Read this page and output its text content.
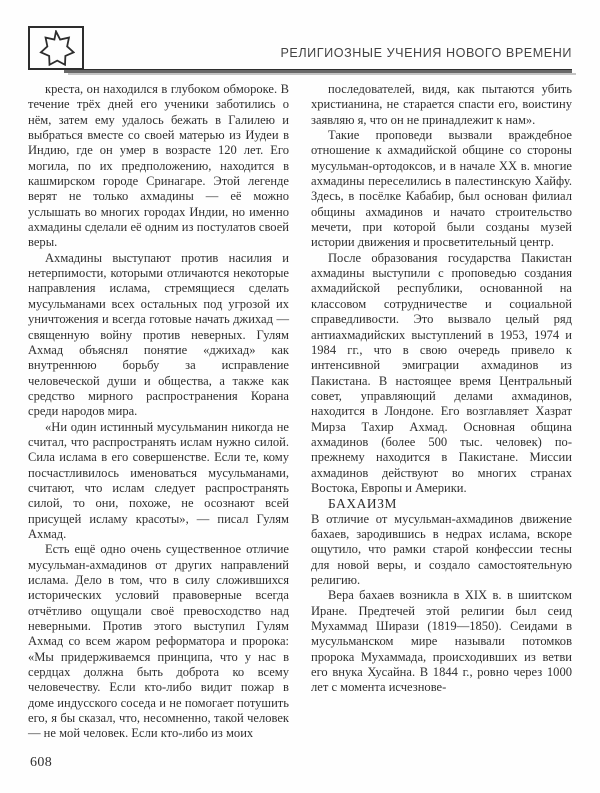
РЕЛИГИОЗНЫЕ УЧЕНИЯ НОВОГО ВРЕМЕНИ

креста, он находился в глубоком обмороке. В течение трёх дней его ученики заботились о нём, затем ему удалось бежать в Галилею и выбраться вместе со своей матерью из Иудеи в Индию, где он умер в возрасте 120 лет. Его могила, по их предположению, находится в кашмирском городе Сринагаре. Этой легенде верят не только ахмадины — её можно услышать во многих городах Индии, но именно ахмадины сделали её одним из постулатов своей веры.

Ахмадины выступают против насилия и нетерпимости, которыми отличаются некоторые направления ислама, стремящиеся сделать мусульманами всех остальных под угрозой их уничтожения и всегда готовые начать джихад — священную войну против неверных. Гулям Ахмад объяснял понятие «джихад» как внутреннюю борьбу за исправление человеческой души и общества, а также как средство мирного распространения Корана среди народов мира.

«Ни один истинный мусульманин никогда не считал, что распространять ислам нужно силой. Сила ислама в его совершенстве. Если те, кому посчастливилось именоваться мусульманами, считают, что ислам следует распространять силой, то они, похоже, не осознают всей присущей исламу красоты», — писал Гулям Ахмад.

Есть ещё одно очень существенное отличие мусульман-ахмадинов от других направлений ислама. Дело в том, что в силу сложившихся исторических условий правоверные всегда отчётливо ощущали своё превосходство над неверными. Против этого выступил Гулям Ахмад со всем жаром реформатора и пророка: «Мы придерживаемся принципа, что у нас в сердцах должна быть доброта ко всему человечеству. Если кто-либо видит пожар в доме индусского соседа и не помогает потушить его, я бы сказал, что, несомненно, такой человек — не мой человек. Если кто-либо из моих

последователей, видя, как пытаются убить христианина, не старается спасти его, воистину заявляю я, что он не принадлежит к нам».

Такие проповеди вызвали враждебное отношение к ахмадийской общине со стороны мусульман-ортодоксов, и в начале XX в. многие ахмадины переселились в палестинскую Хайфу. Здесь, в посёлке Кабабир, был основан филиал общины ахмадинов и начато строительство мечети, при которой были созданы музей истории движения и просветительный центр.

После образования государства Пакистан ахмадины выступили с проповедью создания ахмадийской республики, основанной на классовом сотрудничестве и социальной справедливости. Это вызвало целый ряд антиахмадийских выступлений в 1953, 1974 и 1984 гг., что в свою очередь привело к интенсивной эмиграции ахмадинов из Пакистана. В настоящее время Центральный совет, управляющий делами ахмадинов, находится в Лондоне. Его возглавляет Хазрат Мирза Тахир Ахмад. Основная община ахмадинов (более 500 тыс. человек) по-прежнему находится в Пакистане. Миссии ахмадинов действуют во многих странах Востока, Европы и Америки.

БАХАИЗМ

В отличие от мусульман-ахмадинов движение бахаев, зародившись в недрах ислама, вскоре ощутило, что рамки старой конфессии тесны для новой веры, и создало самостоятельную религию.

Вера бахаев возникла в XIX в. в шиитском Иране. Предтечей этой религии был сеид Мухаммад Ширази (1819—1850). Сеидами в мусульманском мире называли потомков пророка Мухаммада, происходивших из ветви его внука Хусайна. В 1844 г., ровно через 1000 лет с момента исчезнове-

608
